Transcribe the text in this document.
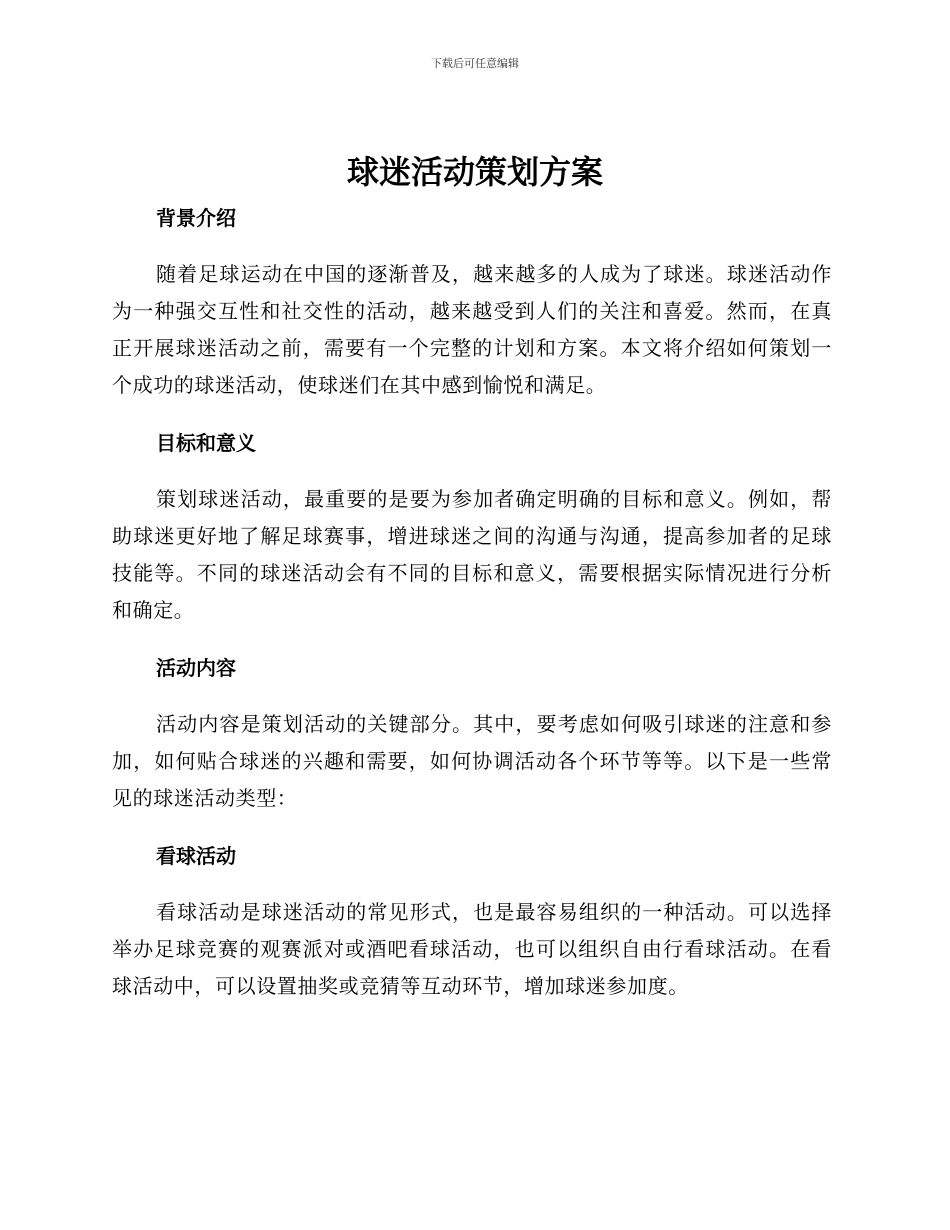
下载后可任意编辑
球迷活动策划方案
背景介绍

随着足球运动在中国的逐渐普及，越来越多的人成为了球迷。球迷活动作为一种强交互性和社交性的活动，越来越受到人们的关注和喜爱。然而，在真正开展球迷活动之前，需要有一个完整的计划和方案。本文将介绍如何策划一个成功的球迷活动，使球迷们在其中感到愉悦和满足。

目标和意义

策划球迷活动，最重要的是要为参加者确定明确的目标和意义。例如，帮助球迷更好地了解足球赛事，增进球迷之间的沟通与沟通，提高参加者的足球技能等。不同的球迷活动会有不同的目标和意义，需要根据实际情况进行分析和确定。

活动内容

活动内容是策划活动的关键部分。其中，要考虑如何吸引球迷的注意和参加，如何贴合球迷的兴趣和需要，如何协调活动各个环节等等。以下是一些常见的球迷活动类型：

看球活动

看球活动是球迷活动的常见形式，也是最容易组织的一种活动。可以选择举办足球竞赛的观赛派对或酒吧看球活动，也可以组织自由行看球活动。在看球活动中，可以设置抽奖或竞猜等互动环节，增加球迷参加度。
